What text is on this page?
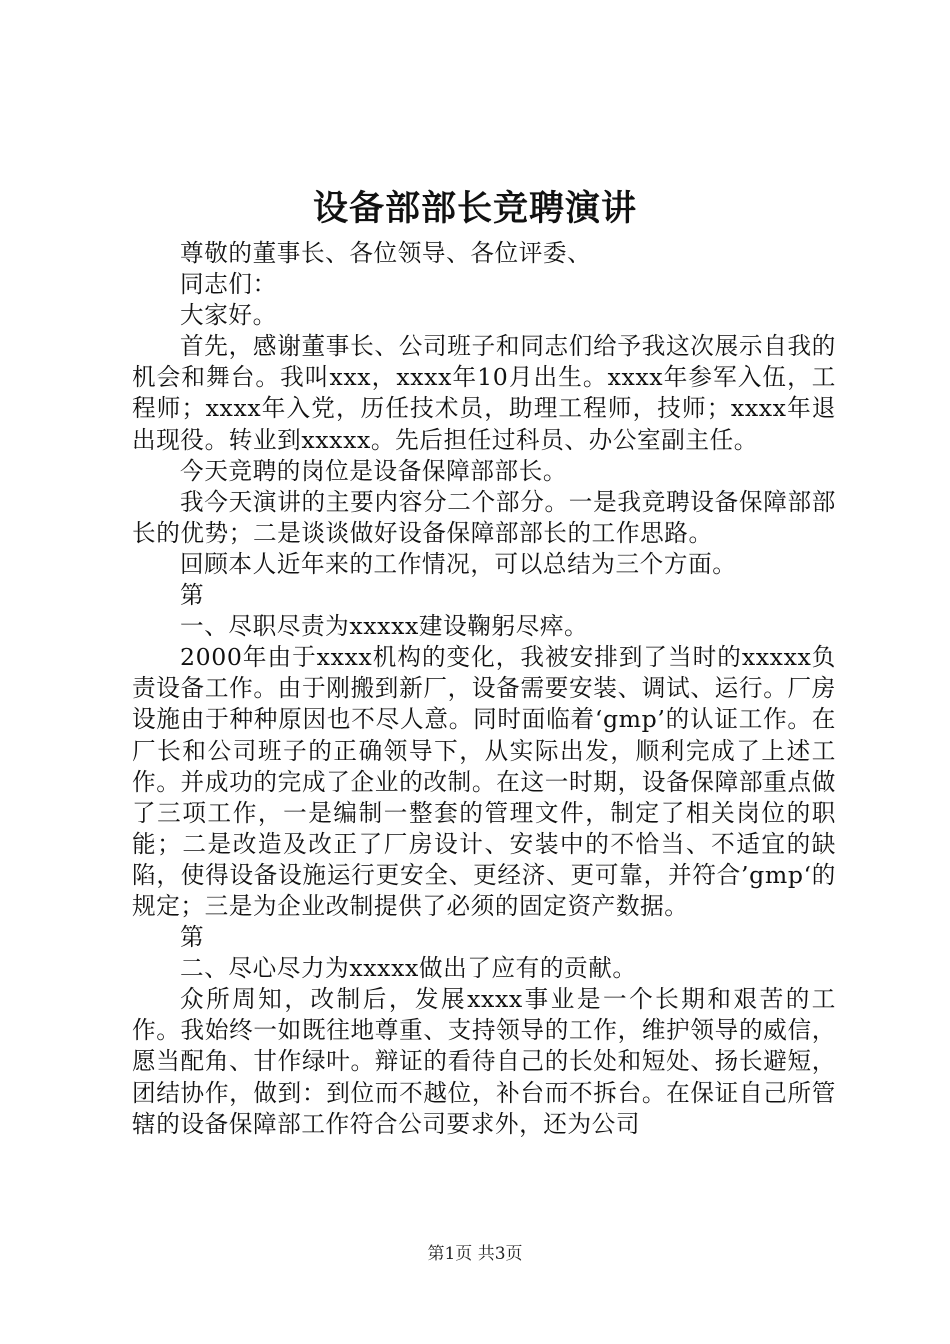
设备部部长竞聘演讲

尊敬的董事长、各位领导、各位评委、

同志们：

大家好。

首先，感谢董事长、公司班子和同志们给予我这次展示自我的机会和舞台。我叫xxx，xxxx年10月出生。xxxx年参军入伍，工程师；xxxx年入党，历任技术员，助理工程师，技师；xxxx年退出现役。转业到xxxxx。先后担任过科员、办公室副主任。

今天竞聘的岗位是设备保障部部长。

我今天演讲的主要内容分二个部分。一是我竞聘设备保障部部长的优势；二是谈谈做好设备保障部部长的工作思路。

回顾本人近年来的工作情况，可以总结为三个方面。

第

一、尽职尽责为xxxxx建设鞠躬尽瘁。

2000年由于xxxx机构的变化，我被安排到了当时的xxxxx负责设备工作。由于刚搬到新厂，设备需要安装、调试、运行。厂房设施由于种种原因也不尽人意。同时面临着‘gmp’的认证工作。在厂长和公司班子的正确领导下，从实际出发，顺利完成了上述工作。并成功的完成了企业的改制。在这一时期，设备保障部重点做了三项工作，一是编制一整套的管理文件，制定了相关岗位的职能；二是改造及改正了厂房设计、安装中的不恰当、不适宜的缺陷，使得设备设施运行更安全、更经济、更可靠，并符合’gmp‘的规定；三是为企业改制提供了必须的固定资产数据。

第

二、尽心尽力为xxxxx做出了应有的贡献。

众所周知，改制后，发展xxxx事业是一个长期和艰苦的工作。我始终一如既往地尊重、支持领导的工作，维护领导的威信，愿当配角、甘作绿叶。辩证的看待自己的长处和短处、扬长避短，团结协作，做到：到位而不越位，补台而不拆台。在保证自己所管辖的设备保障部工作符合公司要求外，还为公司

第1页 共3页
